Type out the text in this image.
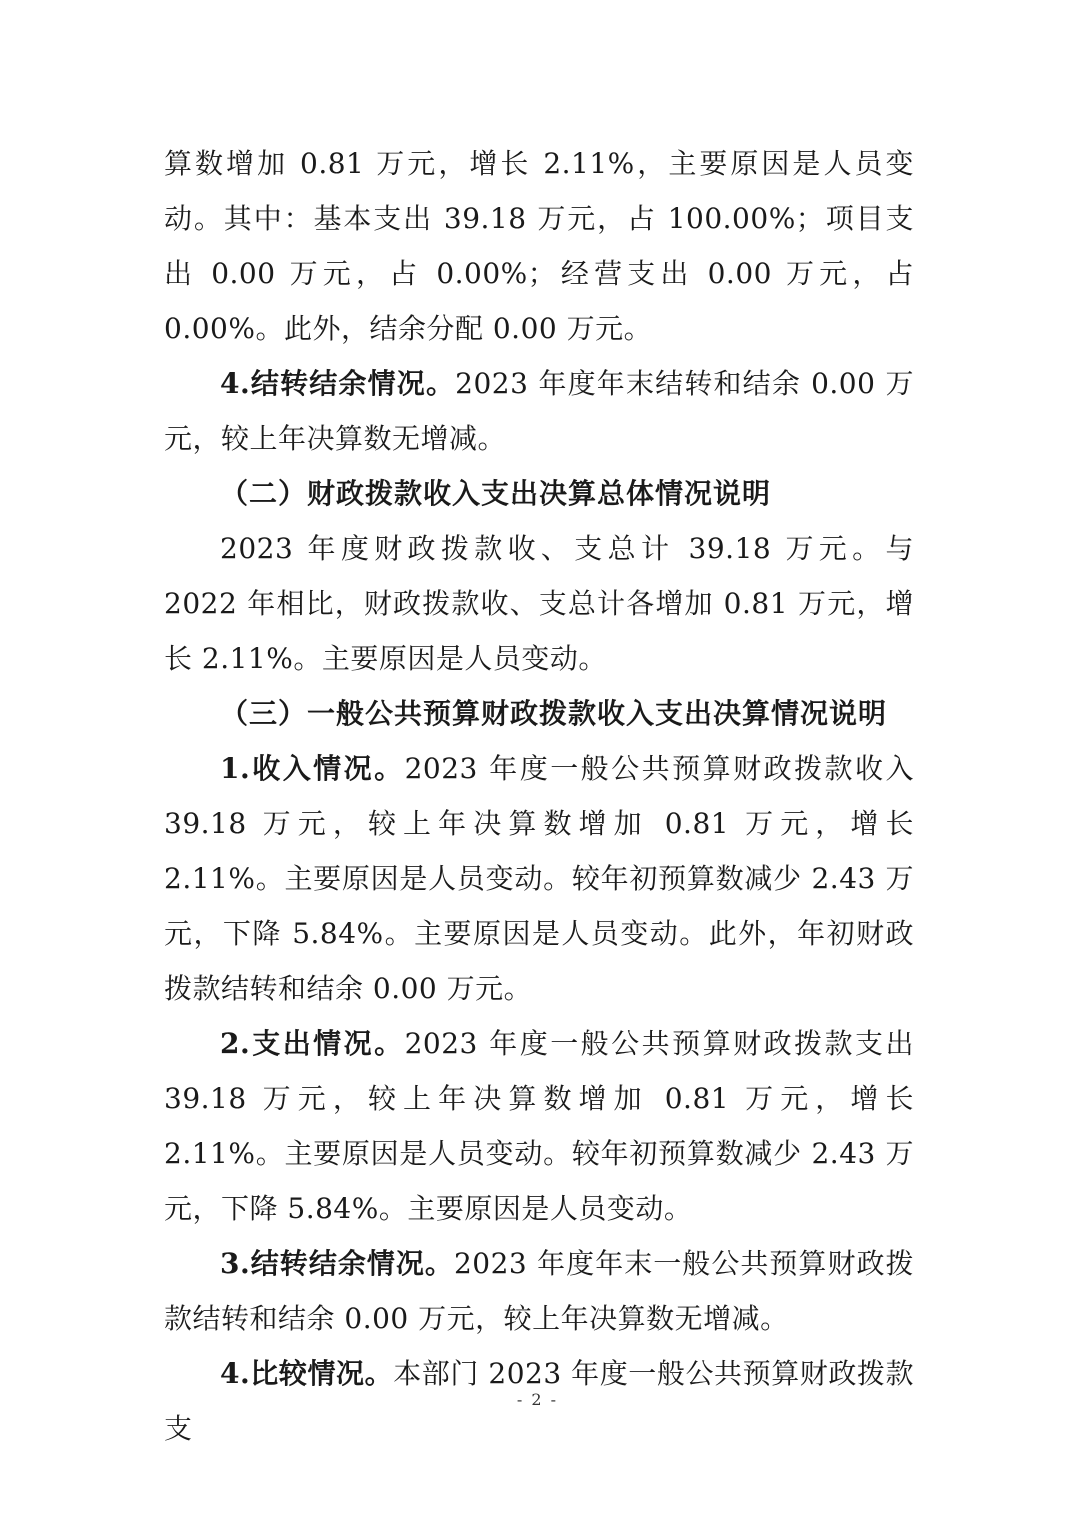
算数增加 0.81 万元，增长 2.11%，主要原因是人员变动。其中：基本支出 39.18 万元，占 100.00%；项目支出 0.00 万元，占 0.00%；经营支出 0.00 万元，占 0.00%。此外，结余分配 0.00 万元。

4.结转结余情况。2023 年度年末结转和结余 0.00 万元，较上年决算数无增减。

（二）财政拨款收入支出决算总体情况说明

2023 年度财政拨款收、支总计 39.18 万元。与 2022 年相比，财政拨款收、支总计各增加 0.81 万元，增长 2.11%。主要原因是人员变动。

（三）一般公共预算财政拨款收入支出决算情况说明

1.收入情况。2023 年度一般公共预算财政拨款收入 39.18 万元，较上年决算数增加 0.81 万元，增长 2.11%。主要原因是人员变动。较年初预算数减少 2.43 万元，下降 5.84%。主要原因是人员变动。此外，年初财政拨款结转和结余 0.00 万元。

2.支出情况。2023 年度一般公共预算财政拨款支出 39.18 万元，较上年决算数增加 0.81 万元，增长 2.11%。主要原因是人员变动。较年初预算数减少 2.43 万元，下降 5.84%。主要原因是人员变动。

3.结转结余情况。2023 年度年末一般公共预算财政拨款结转和结余 0.00 万元，较上年决算数无增减。

4.比较情况。本部门 2023 年度一般公共预算财政拨款支

- 2 -
